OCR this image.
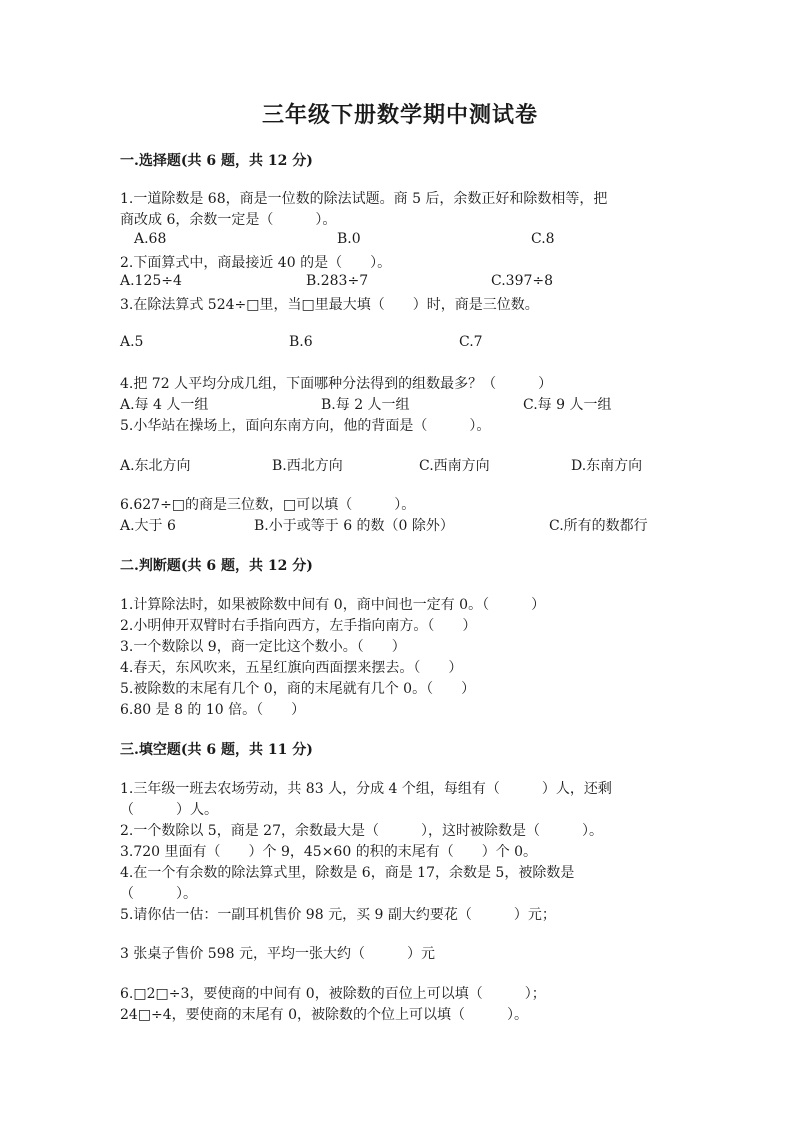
三年级下册数学期中测试卷
一.选择题(共 6 题，共 12 分)
1.一道除数是 68，商是一位数的除法试题。商 5 后，余数正好和除数相等，把
商改成 6，余数一定是（　　　）。
A.68	B.0	C.8
2.下面算式中，商最接近 40 的是（　　）。
A.125÷4	B.283÷7	C.397÷8
3.在除法算式 524÷□里，当□里最大填（　　）时，商是三位数。
A.5	B.6	C.7
4.把 72 人平均分成几组，下面哪种分法得到的组数最多？（　　　）
A.每 4 人一组	B.每 2 人一组	C.每 9 人一组
5.小华站在操场上，面向东南方向，他的背面是（　　　）。
A.东北方向	B.西北方向	C.西南方向	D.东南方向
6.627÷□的商是三位数，□可以填（　　　）。
A.大于 6	B.小于或等于 6 的数（0 除外）	C.所有的数都行
二.判断题(共 6 题，共 12 分)
1.计算除法时，如果被除数中间有 0，商中间也一定有 0。（　　　）
2.小明伸开双臂时右手指向西方，左手指向南方。（　　）
3.一个数除以 9，商一定比这个数小。（　　）
4.春天，东风吹来，五星红旗向西面摆来摆去。（　　）
5.被除数的末尾有几个 0，商的末尾就有几个 0。（　　）
6.80 是 8 的 10 倍。（　　）
三.填空题(共 6 题，共 11 分)
1.三年级一班去农场劳动，共 83 人，分成 4 个组，每组有（　　　）人，还剩
（　　　）人。
2.一个数除以 5，商是 27，余数最大是（　　　），这时被除数是（　　　）。
3.720 里面有（　　）个 9，45×60 的积的末尾有（　　）个 0。
4.在一个有余数的除法算式里，除数是 6，商是 17，余数是 5，被除数是
（　　　）。
5.请你估一估：一副耳机售价 98 元，买 9 副大约要花（　　　）元；
3 张桌子售价 598 元，平均一张大约（　　　）元
6.□2□÷3，要使商的中间有 0，被除数的百位上可以填（　　　）；
24□÷4，要使商的末尾有 0，被除数的个位上可以填（　　　）。
